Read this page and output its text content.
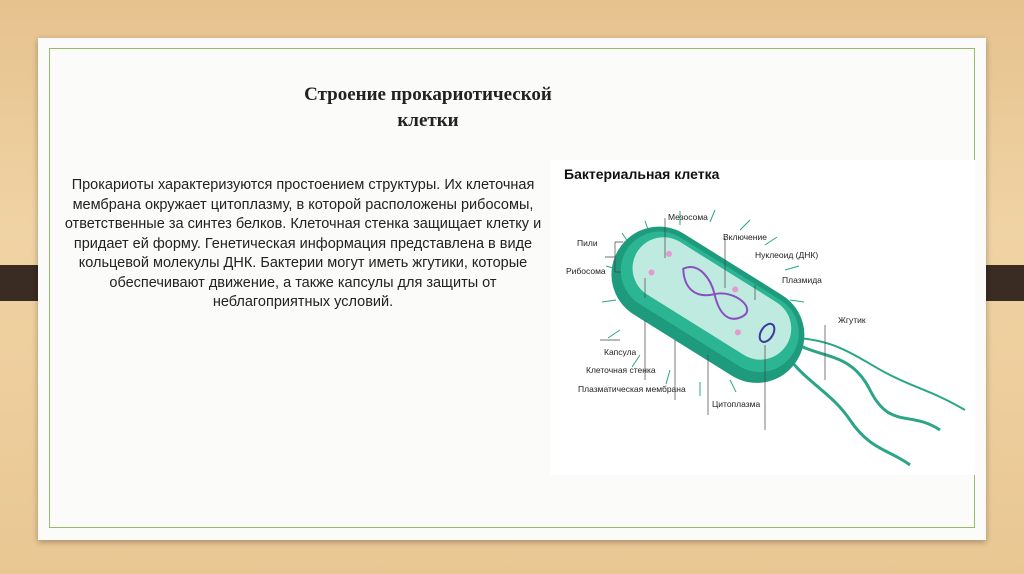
Строение прокариотической
клетки
Прокариоты характеризуются простоением структуры. Их клеточная мембрана окружает цитоплазму, в которой расположены рибосомы, ответственные за синтез белков. Клеточная стенка защищает клетку и придает ей форму. Генетическая информация представлена в виде кольцевой молекулы ДНК. Бактерии могут иметь жгутики, которые обеспечивают движение, а также капсулы для защиты от неблагоприятных условий.
Бактериальная клетка
Мезосома
Пили
Включение
Нуклеоид (ДНК)
Рибосома
Плазмида
Жгутик
Капсула
Клеточная стенка
Плазматическая мембрана
Цитоплазма
